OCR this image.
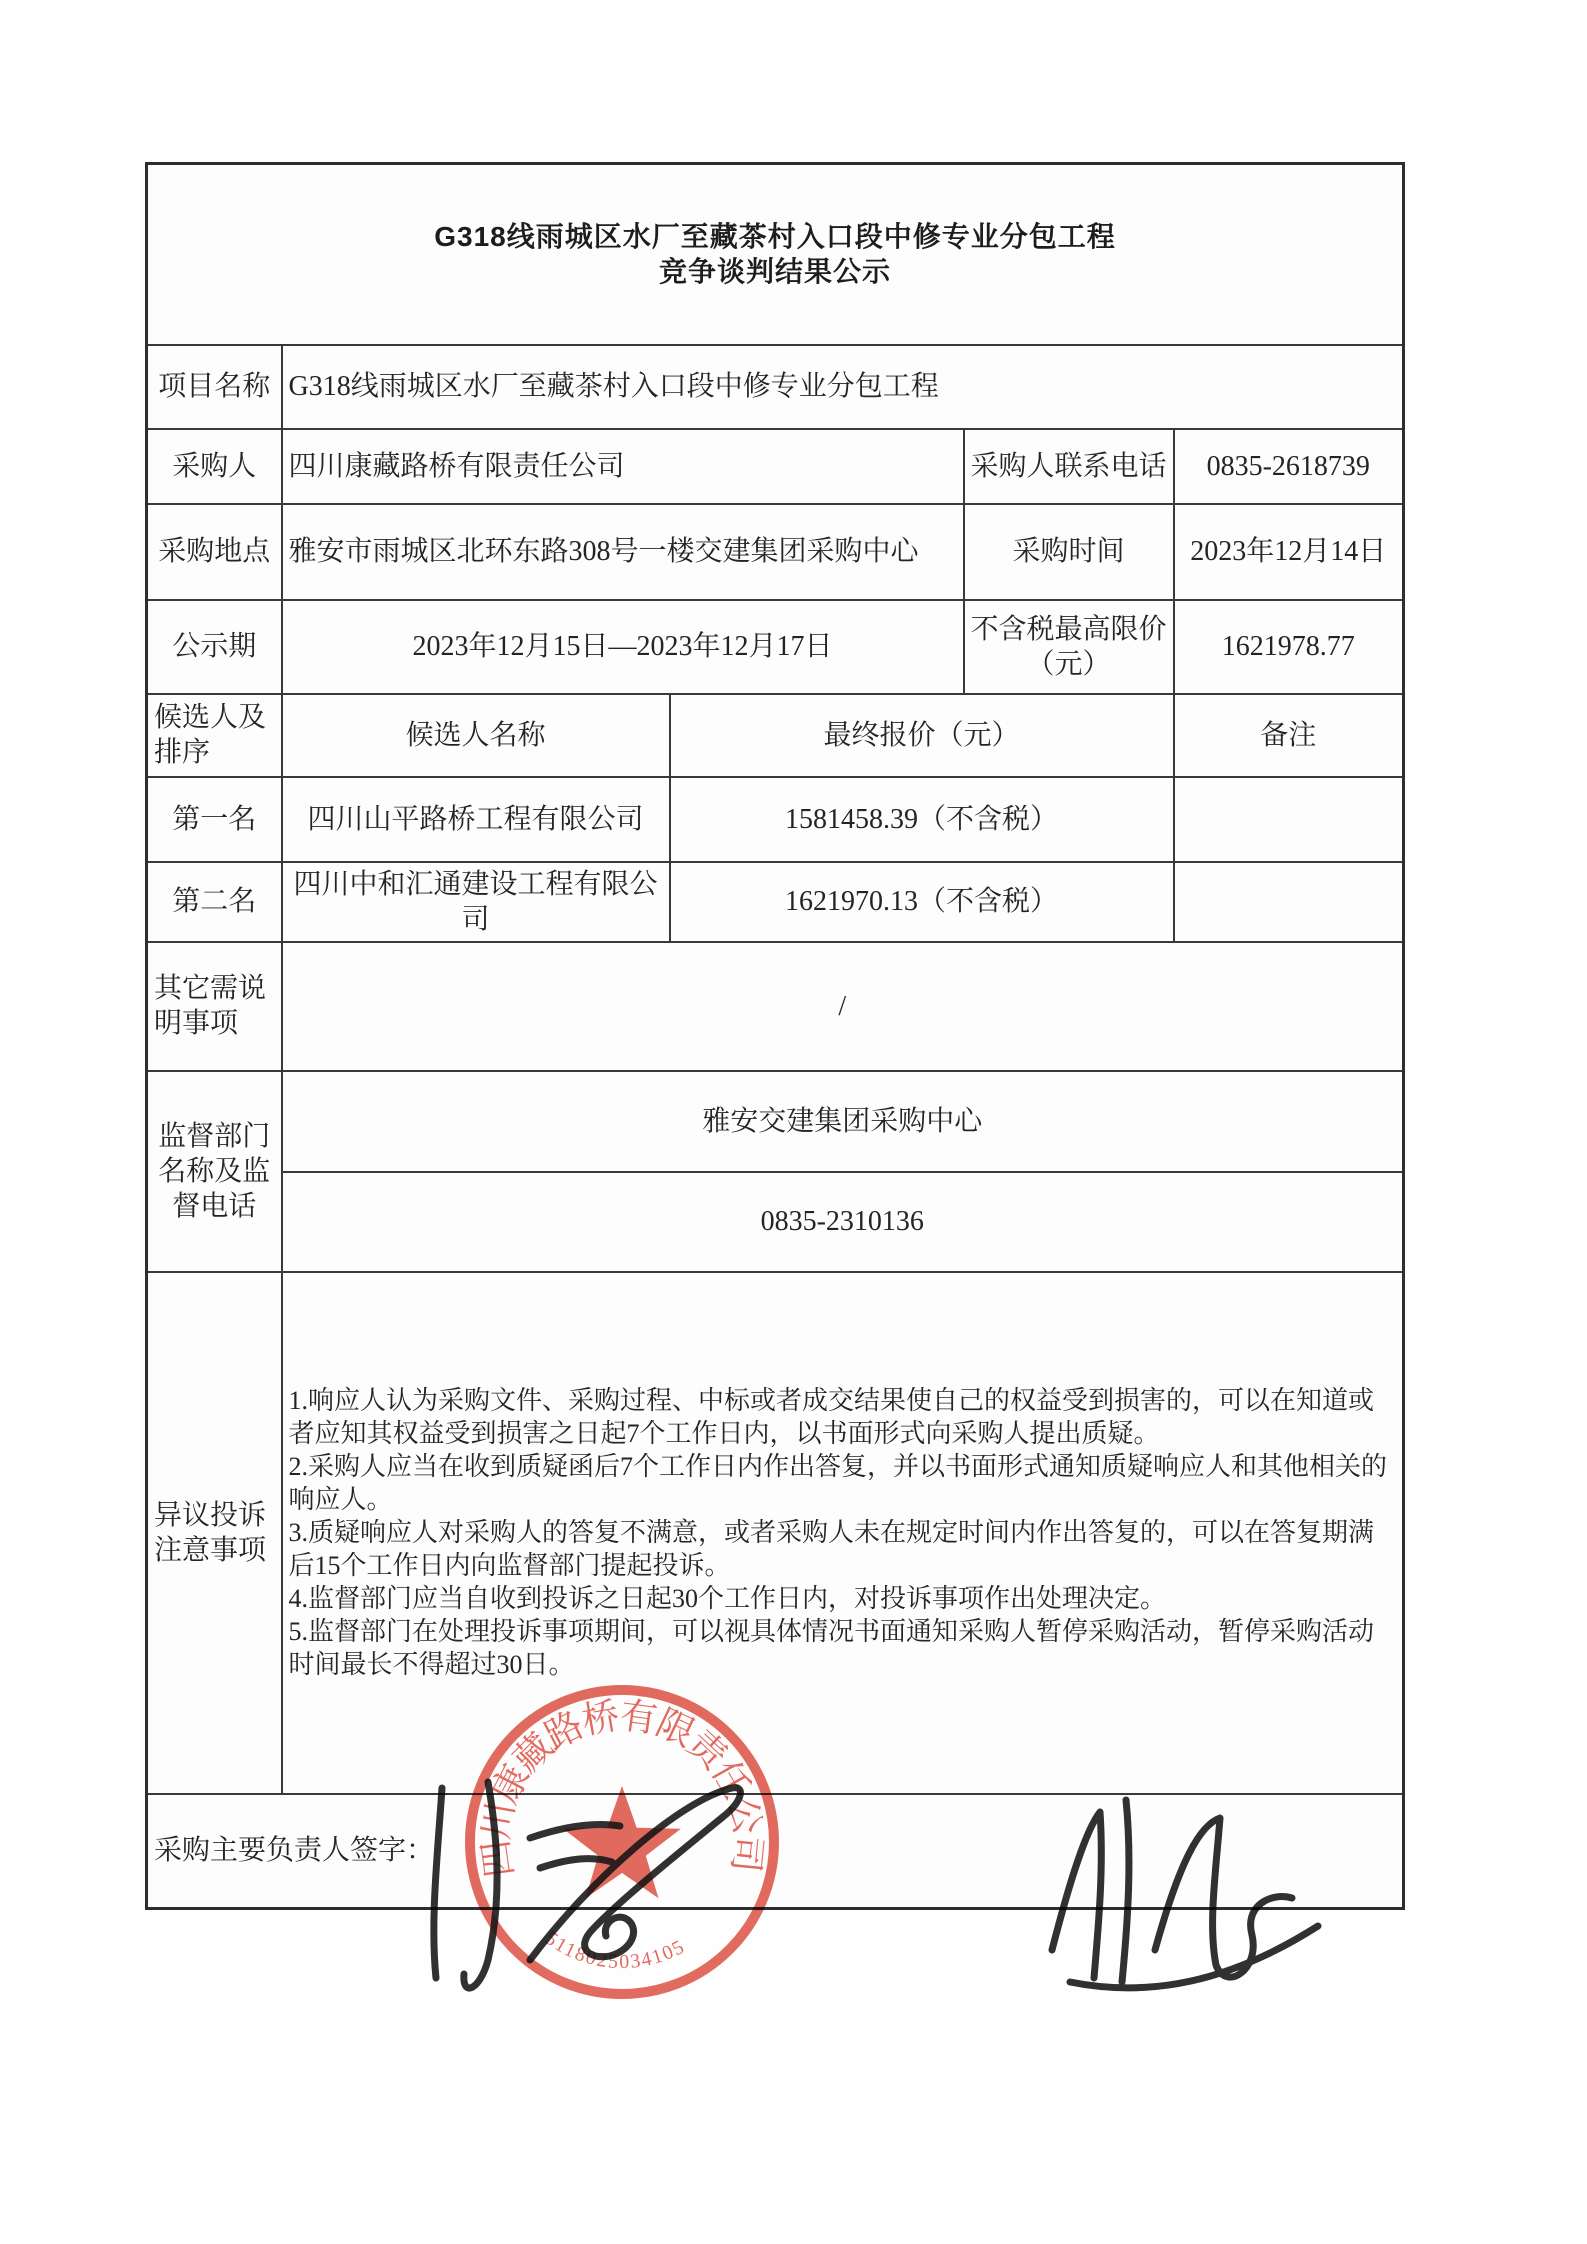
G318线雨城区水厂至藏茶村入口段中修专业分包工程
竞争谈判结果公示				

项目名称	G318线雨城区水厂至藏茶村入口段中修专业分包工程			
采购人	四川康藏路桥有限责任公司		采购人联系电话	0835-2618739
采购地点	雅安市雨城区北环东路308号一楼交建集团采购中心		采购时间	2023年12月14日
公示期	2023年12月15日—2023年12月17日		不含税最高限价（元）	1621978.77
候选人及排序	候选人名称	最终报价（元）		备注
第一名	四川山平路桥工程有限公司	1581458.39（不含税）		
第二名	四川中和汇通建设工程有限公司	1621970.13（不含税）		
其它需说明事项	/			
监督部门名称及监督电话	雅安交建集团采购中心			
	0835-2310136			
异议投诉注意事项	1.响应人认为采购文件、采购过程、中标或者成交结果使自己的权益受到损害的，可以在知道或者应知其权益受到损害之日起7个工作日内，以书面形式向采购人提出质疑。
2.采购人应当在收到质疑函后7个工作日内作出答复，并以书面形式通知质疑响应人和其他相关的响应人。
3.质疑响应人对采购人的答复不满意，或者采购人未在规定时间内作出答复的，可以在答复期满后15个工作日内向监督部门提起投诉。
4.监督部门应当自收到投诉之日起30个工作日内，对投诉事项作出处理决定。
5.监督部门在处理投诉事项期间，可以视具体情况书面通知采购人暂停采购活动，暂停采购活动时间最长不得超过30日。			

采购主要负责人签字：				四川康藏路桥有限责任公司
5118025034105
